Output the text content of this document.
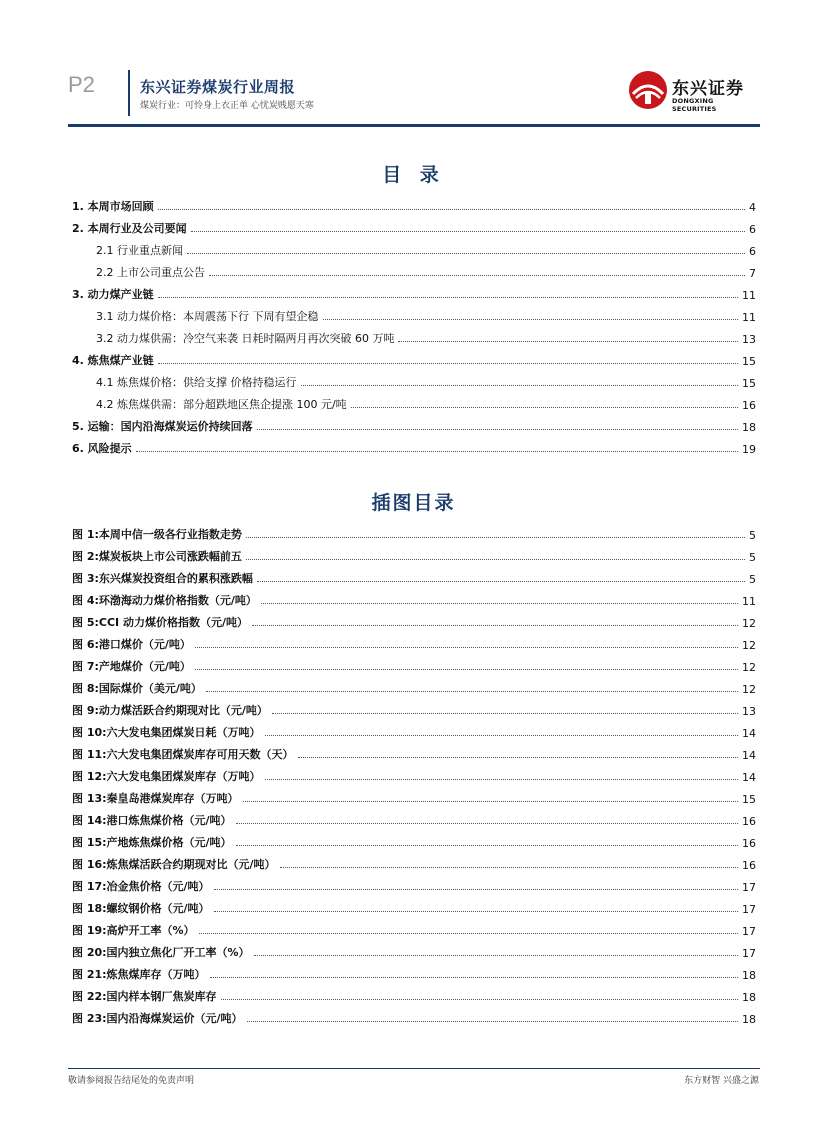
P2	东兴证券煤炭行业周报
煤炭行业：可怜身上衣正单 心忧炭贱愿天寒
东兴证券
DONGXING SECURITIES
目 录
1. 本周市场回顾	4
2. 本周行业及公司要闻	6
2.1 行业重点新闻	6
2.2 上市公司重点公告	7
3. 动力煤产业链	11
3.1 动力煤价格：本周震荡下行 下周有望企稳	11
3.2 动力煤供需：冷空气来袭 日耗时隔两月再次突破 60 万吨	13
4. 炼焦煤产业链	15
4.1 炼焦煤价格：供给支撑 价格持稳运行	15
4.2 炼焦煤供需：部分超跌地区焦企提涨 100 元/吨	16
5. 运输：国内沿海煤炭运价持续回落	18
6. 风险提示	19
插图目录
图 1:本周中信一级各行业指数走势	5
图 2:煤炭板块上市公司涨跌幅前五	5
图 3:东兴煤炭投资组合的累积涨跌幅	5
图 4:环渤海动力煤价格指数（元/吨）	11
图 5:CCI 动力煤价格指数（元/吨）	12
图 6:港口煤价（元/吨）	12
图 7:产地煤价（元/吨）	12
图 8:国际煤价（美元/吨）	12
图 9:动力煤活跃合约期现对比（元/吨）	13
图 10:六大发电集团煤炭日耗（万吨）	14
图 11:六大发电集团煤炭库存可用天数（天）	14
图 12:六大发电集团煤炭库存（万吨）	14
图 13:秦皇岛港煤炭库存（万吨）	15
图 14:港口炼焦煤价格（元/吨）	16
图 15:产地炼焦煤价格（元/吨）	16
图 16:炼焦煤活跃合约期现对比（元/吨）	16
图 17:冶金焦价格（元/吨）	17
图 18:螺纹钢价格（元/吨）	17
图 19:高炉开工率（%）	17
图 20:国内独立焦化厂开工率（%）	17
图 21:炼焦煤库存（万吨）	18
图 22:国内样本钢厂焦炭库存	18
图 23:国内沿海煤炭运价（元/吨）	18
敬请参阅报告结尾处的免责声明	东方财智 兴盛之源
